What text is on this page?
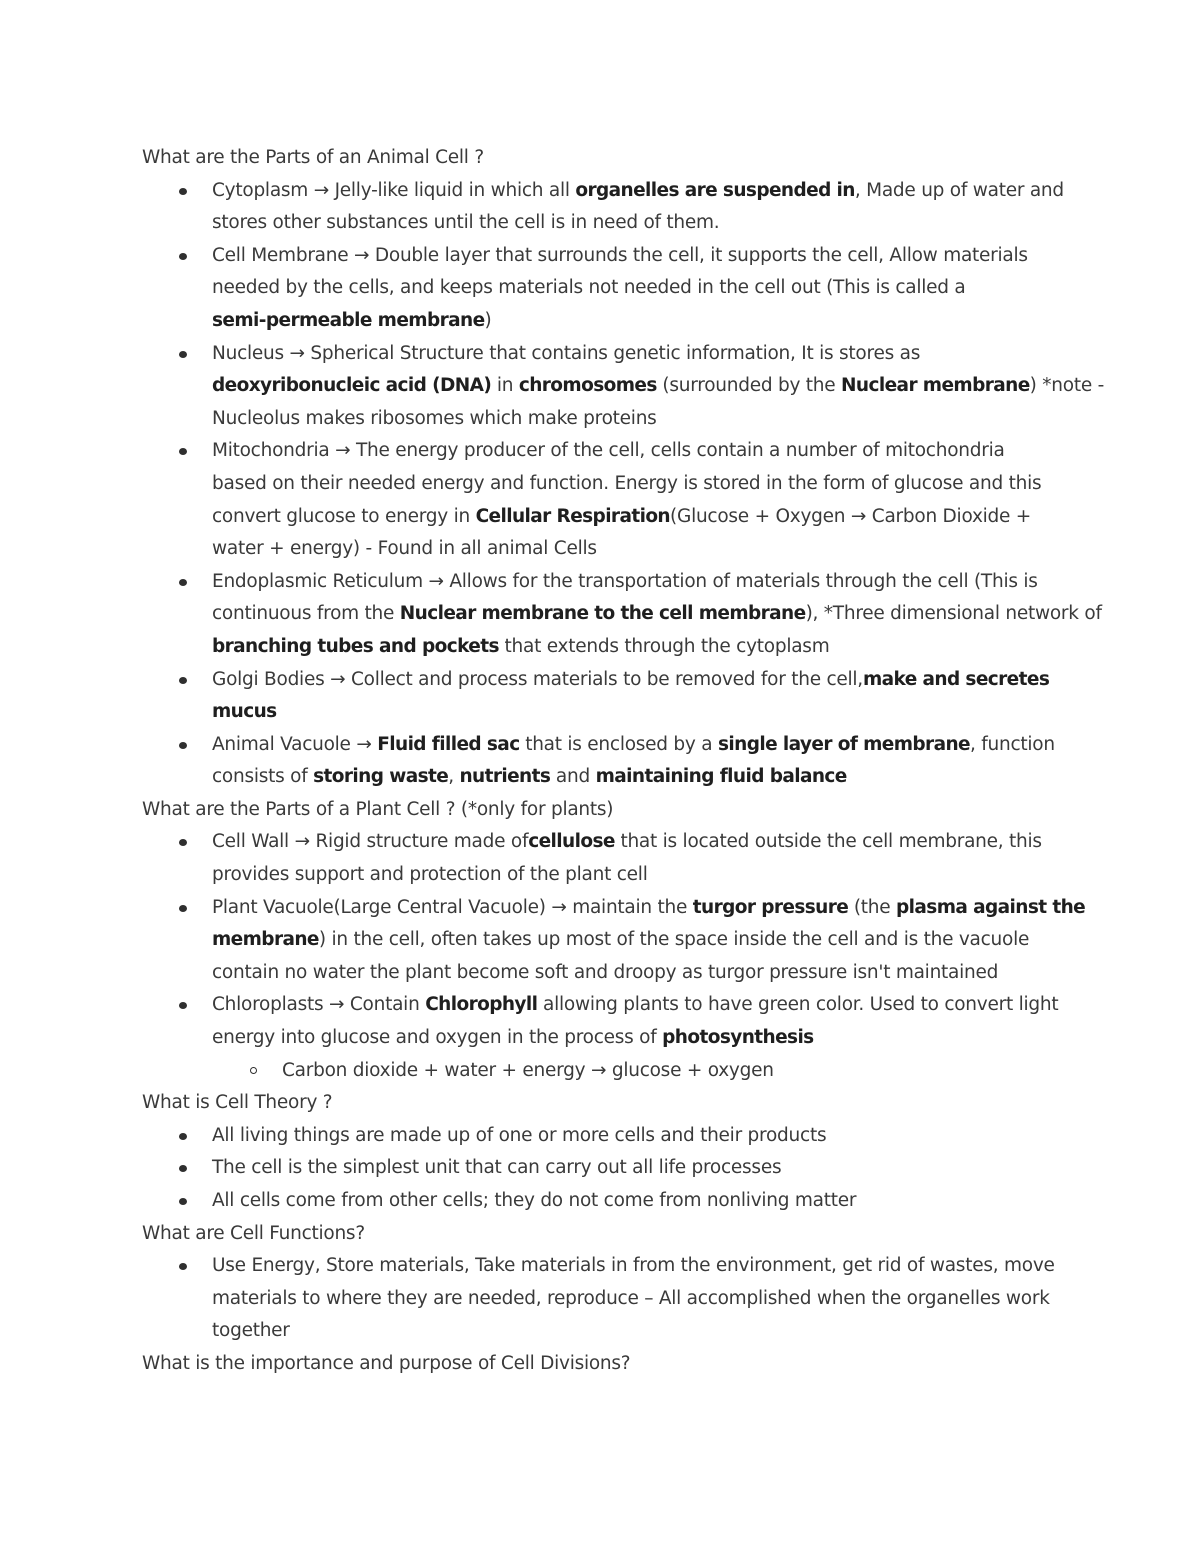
What are the Parts of an Animal Cell ?

Cytoplasm → Jelly-like liquid in which all organelles are suspended in, Made up of water and
stores other substances until the cell is in need of them.
Cell Membrane → Double layer that surrounds the cell, it supports the cell, Allow materials
needed by the cells, and keeps materials not needed in the cell out (This is called a
semi-permeable membrane)
Nucleus → Spherical Structure that contains genetic information, It is stores as
deoxyribonucleic acid (DNA) in chromosomes (surrounded by the Nuclear membrane) *note -
Nucleolus makes ribosomes which make proteins
Mitochondria → The energy producer of the cell, cells contain a number of mitochondria
based on their needed energy and function. Energy is stored in the form of glucose and this
convert glucose to energy in Cellular Respiration(Glucose + Oxygen → Carbon Dioxide +
water + energy) - Found in all animal Cells
Endoplasmic Reticulum → Allows for the transportation of materials through the cell (This is
continuous from the Nuclear membrane to the cell membrane), *Three dimensional network of
branching tubes and pockets that extends through the cytoplasm
Golgi Bodies → Collect and process materials to be removed for the cell,make and secretes
mucus
Animal Vacuole → Fluid filled sac that is enclosed by a single layer of membrane, function
consists of storing waste, nutrients and maintaining fluid balance

What are the Parts of a Plant Cell ? (*only for plants)

Cell Wall → Rigid structure made ofcellulose that is located outside the cell membrane, this
provides support and protection of the plant cell
Plant Vacuole(Large Central Vacuole) → maintain the turgor pressure (the plasma against the
membrane) in the cell, often takes up most of the space inside the cell and is the vacuole
contain no water the plant become soft and droopy as turgor pressure isn't maintained
Chloroplasts → Contain Chlorophyll allowing plants to have green color. Used to convert light
energy into glucose and oxygen in the process of photosynthesis
Carbon dioxide + water + energy → glucose + oxygen

What is Cell Theory ?

All living things are made up of one or more cells and their products
The cell is the simplest unit that can carry out all life processes
All cells come from other cells; they do not come from nonliving matter

What are Cell Functions?

Use Energy, Store materials, Take materials in from the environment, get rid of wastes, move
materials to where they are needed, reproduce – All accomplished when the organelles work
together

What is the importance and purpose of Cell Divisions?
